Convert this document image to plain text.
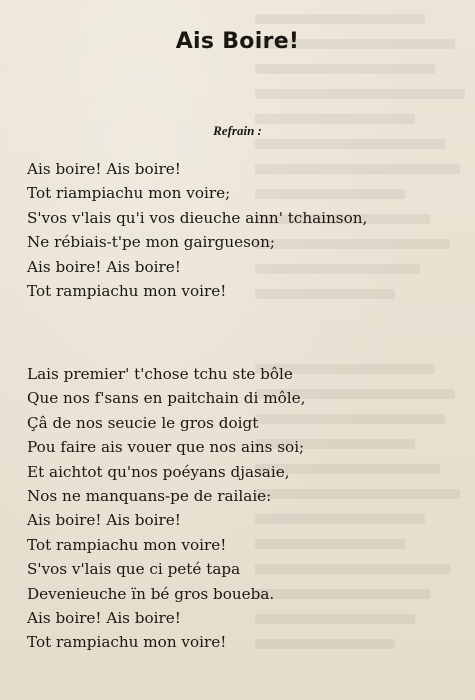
Ais Boire!

Refrain :

Ais boire! Ais boire!
Tot riampiachu mon voire;
S'vos v'lais qu'i vos dieuche ainn' tchainson,
Ne rébiais-t'pe mon gairgueson;
Ais boire! Ais boire!
Tot rampiachu mon voire!
Lais premier' t'chose tchu ste bôle
Que nos f'sans en paitchain di môle,
Çâ de nos seucie le gros doigt
Pou faire ais vouer que nos ains soi;
Et aichtot qu'nos poéyans djasaie,
Nos ne manquans-pe de railaie:
Ais boire! Ais boire!
Tot rampiachu mon voire!
S'vos v'lais que ci peté tapa
Devenieuche ïn bé gros boueba.
Ais boire! Ais boire!
Tot rampiachu mon voire!
